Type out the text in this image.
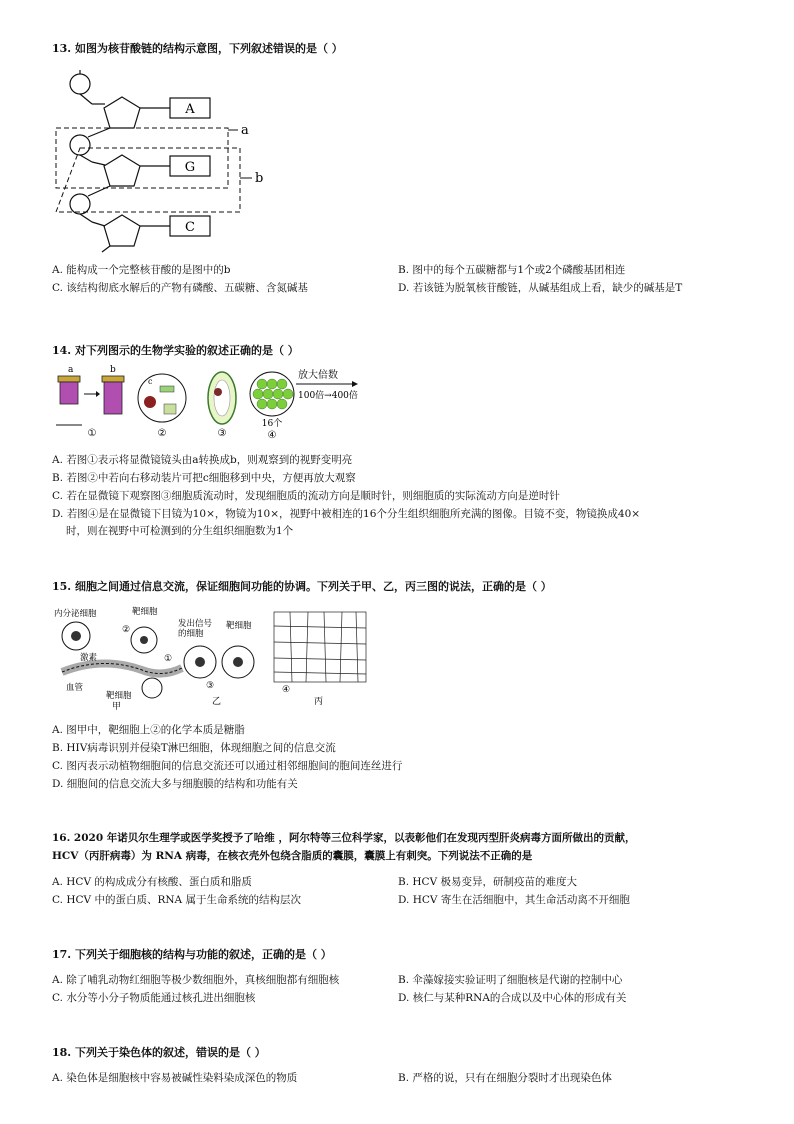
13. 如图为核苷酸链的结构示意图，下列叙述错误的是（ ）
A
G
C
a
b
A. 能构成一个完整核苷酸的是图中的b	B. 图中的每个五碳糖都与1个或2个磷酸基团相连
C. 该结构彻底水解后的产物有磷酸、五碳糖、含氮碱基	D. 若该链为脱氧核苷酸链，从碱基组成上看，缺少的碱基是T
14. 对下列图示的生物学实验的叙述正确的是（ ）
a	b
①
c
②	③
16个
④
放大倍数
100倍→400倍
A. 若图①表示将显微镜镜头由a转换成b，则观察到的视野变明亮
B. 若图②中若向右移动装片可把c细胞移到中央，方便再放大观察
C. 若在显微镜下观察图③细胞质流动时，发现细胞质的流动方向是顺时针，则细胞质的实际流动方向是逆时针
D. 若图④是在显微镜下目镜为10×，物镜为10×，视野中被相连的16个分生组织细胞所充满的图像。目镜不变，物镜换成40×
时，则在视野中可检测到的分生组织细胞数为1个
15. 细胞之间通过信息交流，保证细胞间功能的协调。下列关于甲、乙，丙三图的说法，正确的是（ ）
内分泌细胞
激素
血管
靶细胞
②
①
靶细胞
甲
发出信号
的细胞
靶细胞
③
乙
④
丙
A. 图甲中，靶细胞上②的化学本质是糖脂
B. HIV病毒识别并侵染T淋巴细胞，体现细胞之间的信息交流
C. 图丙表示动植物细胞间的信息交流还可以通过相邻细胞间的胞间连丝进行
D. 细胞间的信息交流大多与细胞膜的结构和功能有关
16. 2020 年诺贝尔生理学或医学奖授予了哈维 ，阿尔特等三位科学家，以表彰他们在发现丙型肝炎病毒方面所做出的贡献，
HCV（丙肝病毒）为 RNA 病毒，在核衣壳外包绕含脂质的囊膜，囊膜上有刺突。下列说法不正确的是
A. HCV 的构成成分有核酸、蛋白质和脂质	B. HCV 极易变异，研制疫苗的难度大
C. HCV 中的蛋白质、RNA 属于生命系统的结构层次	D. HCV 寄生在活细胞中，其生命活动离不开细胞
17. 下列关于细胞核的结构与功能的叙述，正确的是（ ）
A. 除了哺乳动物红细胞等极少数细胞外，真核细胞都有细胞核	B. 伞藻嫁接实验证明了细胞核是代谢的控制中心
C. 水分等小分子物质能通过核孔进出细胞核	D. 核仁与某种RNA的合成以及中心体的形成有关
18. 下列关于染色体的叙述，错误的是（ ）
A. 染色体是细胞核中容易被碱性染料染成深色的物质	B. 严格的说，只有在细胞分裂时才出现染色体
